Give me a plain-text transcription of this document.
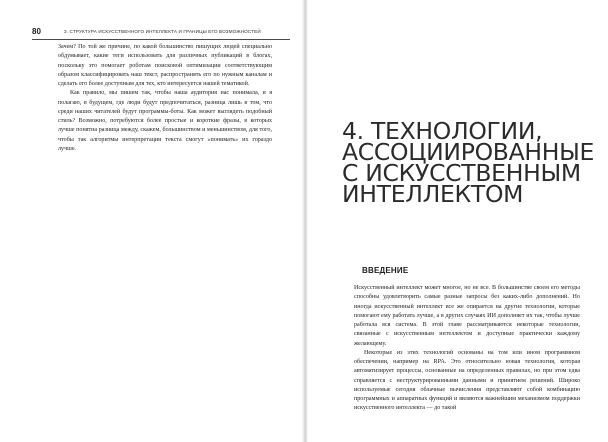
80	3. СТРУКТУРА ИСКУССТВЕННОГО ИНТЕЛЛЕКТА И ГРАНИЦЫ ЕГО ВОЗМОЖНОСТЕЙ

Зачем? По той же причине, по какой большинство пишущих людей специально обдумывает, какие теги использовать для различных публикаций в блогах, поскольку это помогает роботам поисковой оптимизации соответствующим образом классифицировать наш текст, распространять его по нужным каналам и сделать его более доступным для тех, кто интересуется нашей тематикой.

Как правило, мы пишем так, чтобы наша аудитория нас понимала, и я полагаю, в будущем, где люди будут предпочитаться, разница лишь в том, что среди наших читателей будут программы-боты. Как может выглядеть подобный стиль? Возможно, потребуются более простые и короткие фразы, в которых лучше понятна разница между, скажем, большинством и меньшинством, для того, чтобы так алгоритмы интерпретации текста смогут «понимать» их гораздо лучше.

4. ТЕХНОЛОГИИ,
АССОЦИИРОВАННЫЕ
С ИСКУССТВЕННЫМ
ИНТЕЛЛЕКТОМ
ВВЕДЕНИЕ

Искусственный интеллект может многое, но не все. В большинстве своем его методы способны удовлетворить самые разные запросы без каких-либо дополнений. Но иногда искусственный интеллект все же опирается на другие технологии, которые помогают ему работать лучше, а в других случаях ИИ дополняет их так, чтобы лучше работала вся система. В этой главе рассматриваются некоторые технологии, связанные с искусственным интеллектом и доступные практически каждому желающему.

Некоторые из этих технологий основаны на том или ином программном обеспечении, например на RPA. Это относительно новая технология, которая автоматизирует процессы, основанные на определенных правилах, но при этом едва справляется с неструктурированными данными и принятием решений. Широко используемые сегодня облачные вычисления представляют собой комбинацию программных и аппаратных функций и являются важнейшим механизмом поддержки искусственного интеллекта — до такой
